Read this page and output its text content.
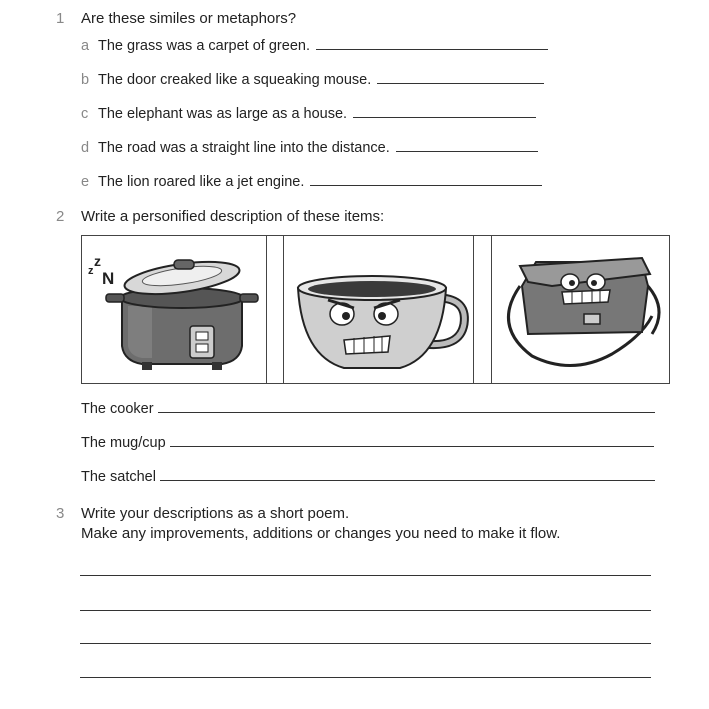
1 Are these similes or metaphors?
a The grass was a carpet of green.
b The door creaked like a squeaking mouse.
c The elephant was as large as a house.
d The road was a straight line into the distance.
e The lion roared like a jet engine.
2 Write a personified description of these items:
z
z
N
The cooker
The mug/cup
The satchel
3 Write your descriptions as a short poem.
Make any improvements, additions or changes you need to make it flow.
